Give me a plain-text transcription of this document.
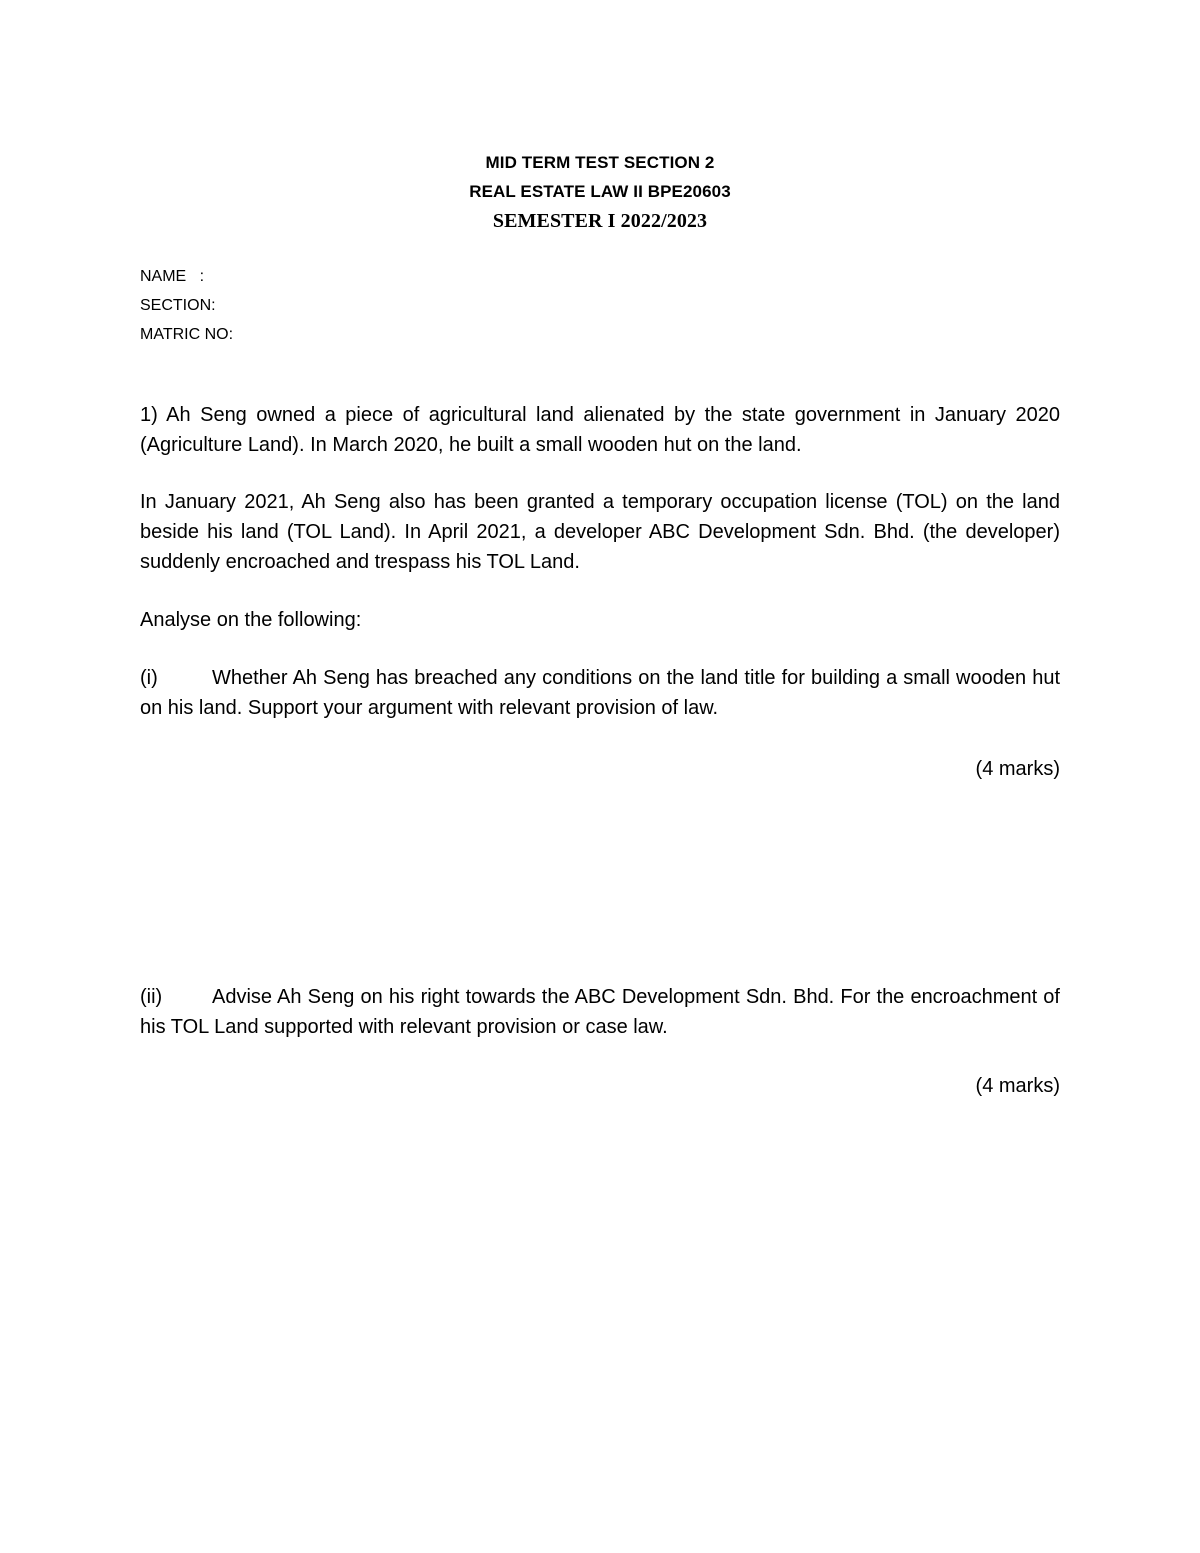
MID TERM TEST SECTION 2
REAL ESTATE LAW II BPE20603
SEMESTER I 2022/2023
NAME   :
SECTION:
MATRIC NO:

1) Ah Seng owned a piece of agricultural land alienated by the state government in January 2020 (Agriculture Land). In March 2020, he built a small wooden hut on the land.

In January 2021, Ah Seng also has been granted a temporary occupation license (TOL) on the land beside his land (TOL Land). In April 2021, a developer ABC Development Sdn. Bhd. (the developer) suddenly encroached and trespass his TOL Land.

Analyse on the following:

(i)	Whether Ah Seng has breached any conditions on the land title for building a small wooden hut on his land. Support your argument with relevant provision of law.

(4 marks)
(ii)	Advise Ah Seng on his right towards the ABC Development Sdn. Bhd. For the encroachment of his TOL Land supported with relevant provision or case law.

(4 marks)
